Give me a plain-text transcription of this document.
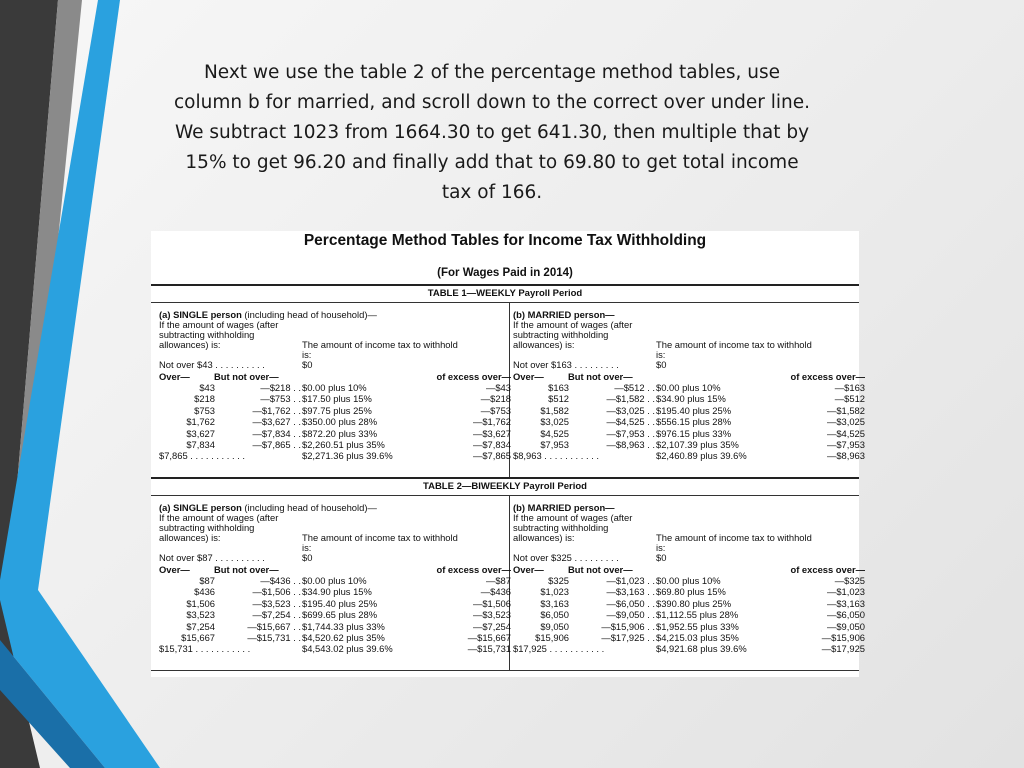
Next we use the table 2 of the percentage method tables, use
column b for married, and scroll down to the correct over under line.
We subtract 1023 from 1664.30 to get 641.30, then multiple that by
15% to get 96.20 and finally add that to 69.80 to get total income
tax of 166.
Percentage Method Tables for Income Tax Withholding
(For Wages Paid in 2014)
TABLE 1—WEEKLY Payroll Period
(a) SINGLE person (including head of household)—
If the amount of wages (after subtracting withholding allowances) is:	The amount of income tax to withhold is:
Not over $43 . . . . . . . . . .	$0
Over—	But not over—	of excess over—
$43	—$218 . . $0.00 plus 10%	—$43
$218	—$753 . . $17.50 plus 15%	—$218
$753	—$1,762 . . $97.75 plus 25%	—$753
$1,762	—$3,627 . . $350.00 plus 28%	—$1,762
$3,627	—$7,834 . . $872.20 plus 33%	—$3,627
$7,834	—$7,865 . . $2,260.51 plus 35%	—$7,834
$7,865 . . . . . . . . . . .	$2,271.36 plus 39.6%	—$7,865
(b) MARRIED person—
If the amount of wages (after subtracting withholding allowances) is:	The amount of income tax to withhold is:
Not over $163 . . . . . . . . .	$0
Over—	But not over—	of excess over—
$163	—$512 . . $0.00 plus 10%	—$163
$512	—$1,582 . . $34.90 plus 15%	—$512
$1,582	—$3,025 . . $195.40 plus 25%	—$1,582
$3,025	—$4,525 . . $556.15 plus 28%	—$3,025
$4,525	—$7,953 . . $976.15 plus 33%	—$4,525
$7,953	—$8,963 . . $2,107.39 plus 35%	—$7,953
$8,963 . . . . . . . . . . .	$2,460.89 plus 39.6%	—$8,963
TABLE 2—BIWEEKLY Payroll Period
(a) SINGLE person (including head of household)—
If the amount of wages (after subtracting withholding allowances) is:	The amount of income tax to withhold is:
Not over $87 . . . . . . . . . .	$0
Over—	But not over—	of excess over—
$87	—$436 . . $0.00 plus 10%	—$87
$436	—$1,506 . . $34.90 plus 15%	—$436
$1,506	—$3,523 . . $195.40 plus 25%	—$1,506
$3,523	—$7,254 . . $699.65 plus 28%	—$3,523
$7,254	—$15,667 . . $1,744.33 plus 33%	—$7,254
$15,667	—$15,731 . . $4,520.62 plus 35%	—$15,667
$15,731 . . . . . . . . . . .	$4,543.02 plus 39.6%	—$15,731
(b) MARRIED person—
If the amount of wages (after subtracting withholding allowances) is:	The amount of income tax to withhold is:
Not over $325 . . . . . . . . .	$0
Over—	But not over—	of excess over—
$325	—$1,023 . . $0.00 plus 10%	—$325
$1,023	—$3,163 . . $69.80 plus 15%	—$1,023
$3,163	—$6,050 . . $390.80 plus 25%	—$3,163
$6,050	—$9,050 . . $1,112.55 plus 28%	—$6,050
$9,050	—$15,906 . . $1,952.55 plus 33%	—$9,050
$15,906	—$17,925 . . $4,215.03 plus 35%	—$15,906
$17,925 . . . . . . . . . . .	$4,921.68 plus 39.6%	—$17,925
